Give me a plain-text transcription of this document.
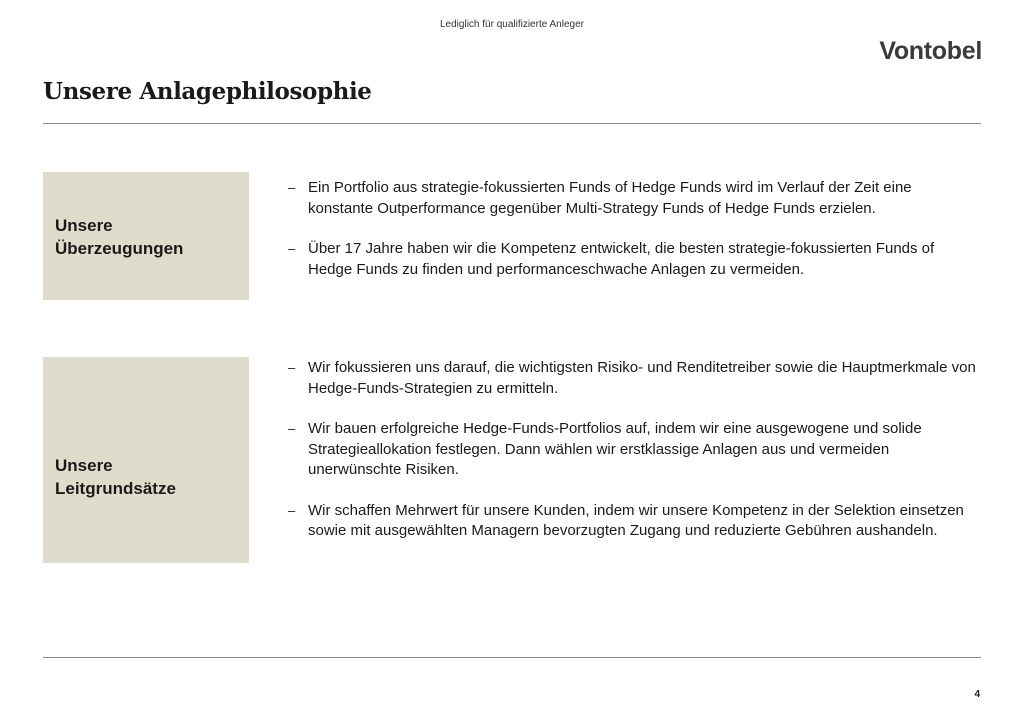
Lediglich für qualifizierte Anleger
Vontobel
Unsere Anlagephilosophie
Unsere
Überzeugungen
– Ein Portfolio aus strategie-fokussierten Funds of Hedge Funds wird im Verlauf der Zeit eine konstante Outperformance gegenüber Multi-Strategy Funds of Hedge Funds erzielen.
– Über 17 Jahre haben wir die Kompetenz entwickelt, die besten strategie-fokussierten Funds of Hedge Funds zu finden und performanceschwache Anlagen zu vermeiden.
Unsere
Leitgrundsätze
– Wir fokussieren uns darauf, die wichtigsten Risiko- und Renditetreiber sowie die Hauptmerkmale von Hedge-Funds-Strategien zu ermitteln.
– Wir bauen erfolgreiche Hedge-Funds-Portfolios auf, indem wir eine ausgewogene und solide Strategieallokation festlegen. Dann wählen wir erstklassige Anlagen aus und vermeiden unerwünschte Risiken.
– Wir schaffen Mehrwert für unsere Kunden, indem wir unsere Kompetenz in der Selektion einsetzen sowie mit ausgewählten Managern bevorzugten Zugang und reduzierte Gebühren aushandeln.
4
